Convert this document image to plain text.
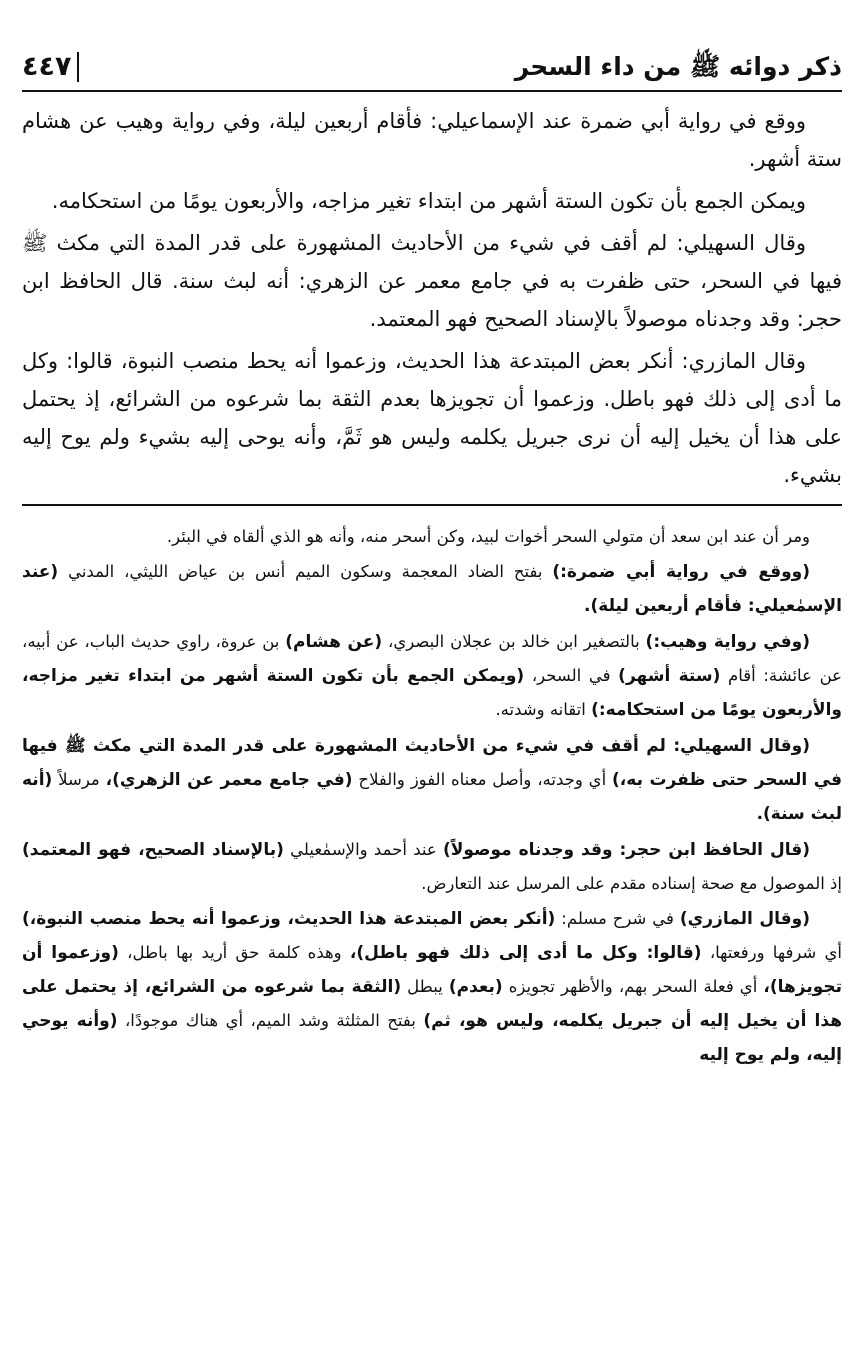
ذكر دوائه ﷺ من داء السحر
٤٤٧

ووقع في رواية أبي ضمرة عند الإسماعيلي: فأقام أربعين ليلة، وفي رواية وهيب عن هشام ستة أشهر.

ويمكن الجمع بأن تكون الستة أشهر من ابتداء تغير مزاجه، والأربعون يومًا من استحكامه.

وقال السهيلي: لم أقف في شيء من الأحاديث المشهورة على قدر المدة التي مكث ﷺ فيها في السحر، حتى ظفرت به في جامع معمر عن الزهري: أنه لبث سنة. قال الحافظ ابن حجر: وقد وجدناه موصولاً بالإسناد الصحيح فهو المعتمد.

وقال المازري: أنكر بعض المبتدعة هذا الحديث، وزعموا أنه يحط منصب النبوة، قالوا: وكل ما أدى إلى ذلك فهو باطل. وزعموا أن تجويزها بعدم الثقة بما شرعوه من الشرائع، إذ يحتمل على هذا أن يخيل إليه أن نرى جبريل يكلمه وليس هو ثَمَّ، وأنه يوحى إليه بشيء ولم يوح إليه بشيء.

ومر أن عند ابن سعد أن متولي السحر أخوات لبيد، وكن أسحر منه، وأنه هو الذي ألقاه في البئر.

(ووقع في رواية أبي ضمرة:) بفتح الضاد المعجمة وسكون الميم أنس بن عياض الليثي، المدني (عند الإسمٰعيلي: فأقام أربعين ليلة).

(وفي رواية وهيب:) بالتصغير ابن خالد بن عجلان البصري، (عن هشام) بن عروة، راوي حديث الباب، عن أبيه، عن عائشة: أقام (ستة أشهر) في السحر، (ويمكن الجمع بأن تكون الستة أشهر من ابتداء تغير مزاجه، والأربعون يومًا من استحكامه:) اتقانه وشدته.

(وقال السهيلي: لم أقف في شيء من الأحاديث المشهورة على قدر المدة التي مكث ﷺ فيها في السحر حتى ظفرت به،) أي وجدته، وأصل معناه الفوز والفلاح (في جامع معمر عن الزهري)، مرسلاً (أنه لبث سنة).

(قال الحافظ ابن حجر: وقد وجدناه موصولاً) عند أحمد والإسمٰعيلي (بالإسناد الصحيح، فهو المعتمد) إذ الموصول مع صحة إسناده مقدم على المرسل عند التعارض.

(وقال المازري) في شرح مسلم: (أنكر بعض المبتدعة هذا الحديث، وزعموا أنه يحط منصب النبوة،) أي شرفها ورفعتها، (قالوا: وكل ما أدى إلى ذلك فهو باطل)، وهذه كلمة حق أريد بها باطل، (وزعموا أن تجويزها)، أي فعلة السحر بهم، والأظهر تجويزه (بعدم) يبطل (الثقة بما شرعوه من الشرائع، إذ يحتمل على هذا أن يخيل إليه أن جبريل يكلمه، وليس هو، ثم) بفتح المثلثة وشد الميم، أي هناك موجودًا، (وأنه يوحي إليه، ولم يوح إليه
